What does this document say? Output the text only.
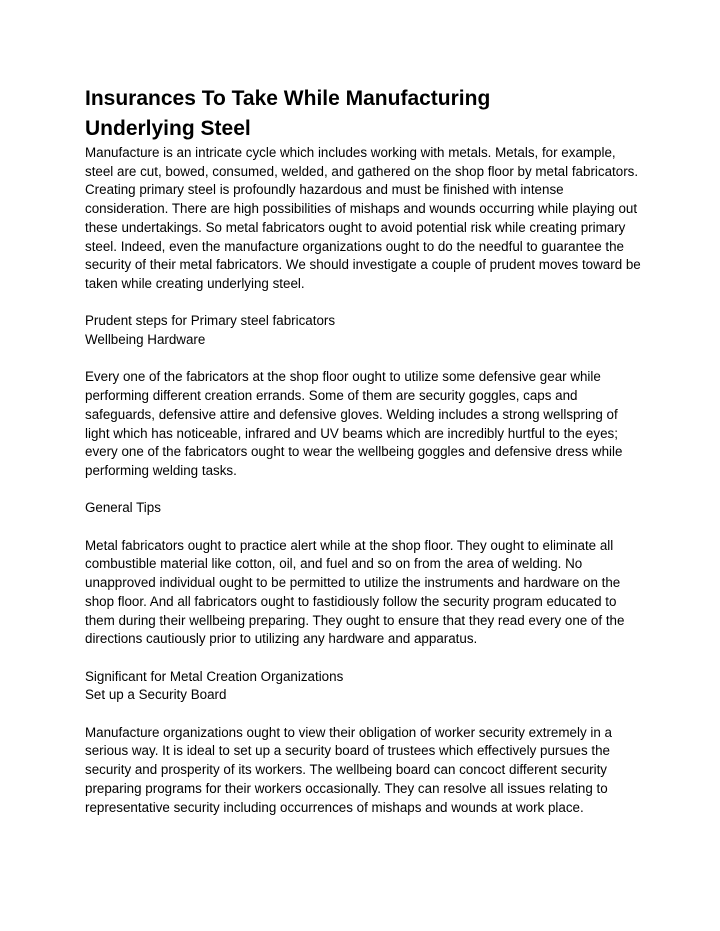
Insurances To Take While Manufacturing Underlying Steel

Manufacture is an intricate cycle which includes working with metals. Metals, for example, steel are cut, bowed, consumed, welded, and gathered on the shop floor by metal fabricators. Creating primary steel is profoundly hazardous and must be finished with intense consideration. There are high possibilities of mishaps and wounds occurring while playing out these undertakings. So metal fabricators ought to avoid potential risk while creating primary steel. Indeed, even the manufacture organizations ought to do the needful to guarantee the security of their metal fabricators. We should investigate a couple of prudent moves toward be taken while creating underlying steel.

Prudent steps for Primary steel fabricators

Wellbeing Hardware

Every one of the fabricators at the shop floor ought to utilize some defensive gear while performing different creation errands. Some of them are security goggles, caps and safeguards, defensive attire and defensive gloves. Welding includes a strong wellspring of light which has noticeable, infrared and UV beams which are incredibly hurtful to the eyes; every one of the fabricators ought to wear the wellbeing goggles and defensive dress while performing welding tasks.

General Tips

Metal fabricators ought to practice alert while at the shop floor. They ought to eliminate all combustible material like cotton, oil, and fuel and so on from the area of welding. No unapproved individual ought to be permitted to utilize the instruments and hardware on the shop floor. And all fabricators ought to fastidiously follow the security program educated to them during their wellbeing preparing. They ought to ensure that they read every one of the directions cautiously prior to utilizing any hardware and apparatus.

Significant for Metal Creation Organizations

Set up a Security Board

Manufacture organizations ought to view their obligation of worker security extremely in a serious way. It is ideal to set up a security board of trustees which effectively pursues the security and prosperity of its workers. The wellbeing board can concoct different security preparing programs for their workers occasionally. They can resolve all issues relating to representative security including occurrences of mishaps and wounds at work place.
